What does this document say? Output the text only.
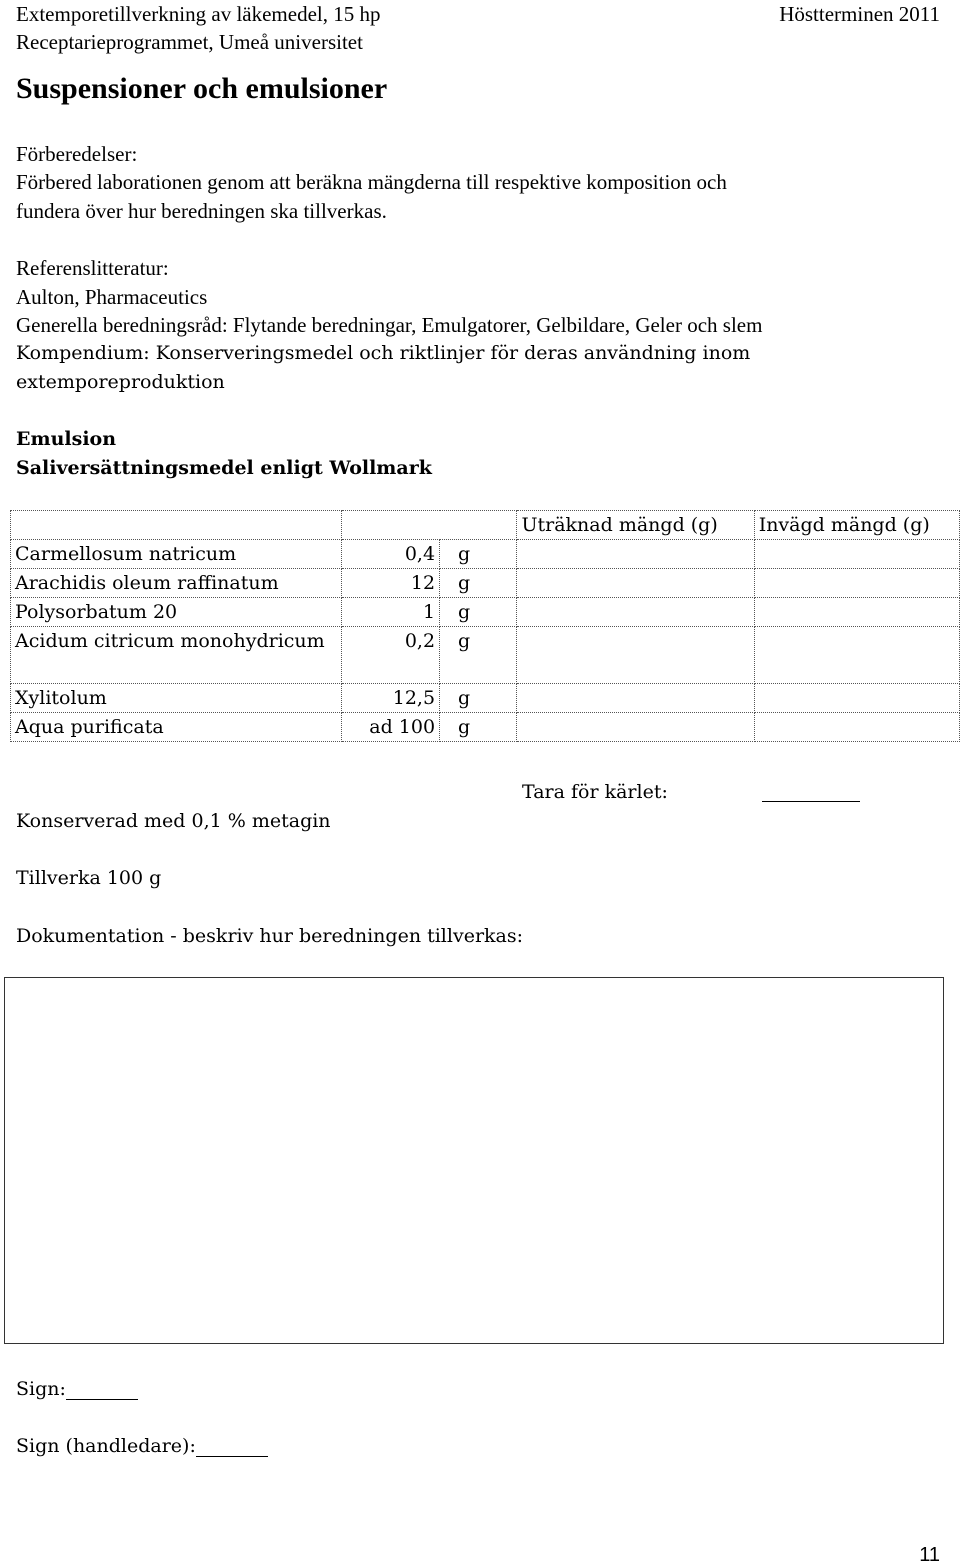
Extemporetillverkning av läkemedel, 15 hp
Receptarieprogrammet, Umeå universitet
Höstterminen 2011
Suspensioner och emulsioner
Förberedelser:
Förbered laborationen genom att beräkna mängderna till respektive komposition och
fundera över hur beredningen ska tillverkas.
Referenslitteratur:
Aulton, Pharmaceutics
Generella beredningsråd: Flytande beredningar, Emulgatorer, Gelbildare, Geler och slem
Kompendium: Konserveringsmedel och riktlinjer för deras användning inom
extemporeproduktion
Emulsion
Saliversättningsmedel enligt Wollmark
			Uträknad mängd (g)	Invägd mängd (g)
Carmellosum natricum	0,4	g		
Arachidis oleum raffinatum	12	g		
Polysorbatum 20	1	g		
Acidum citricum monohydricum	0,2	g		
Xylitolum	12,5	g		
Aqua purificata	ad 100	g		
Tara för kärlet:
Konserverad med 0,1 % metagin
Tillverka 100 g
Dokumentation - beskriv hur beredningen tillverkas:
Sign:
Sign (handledare):
11
